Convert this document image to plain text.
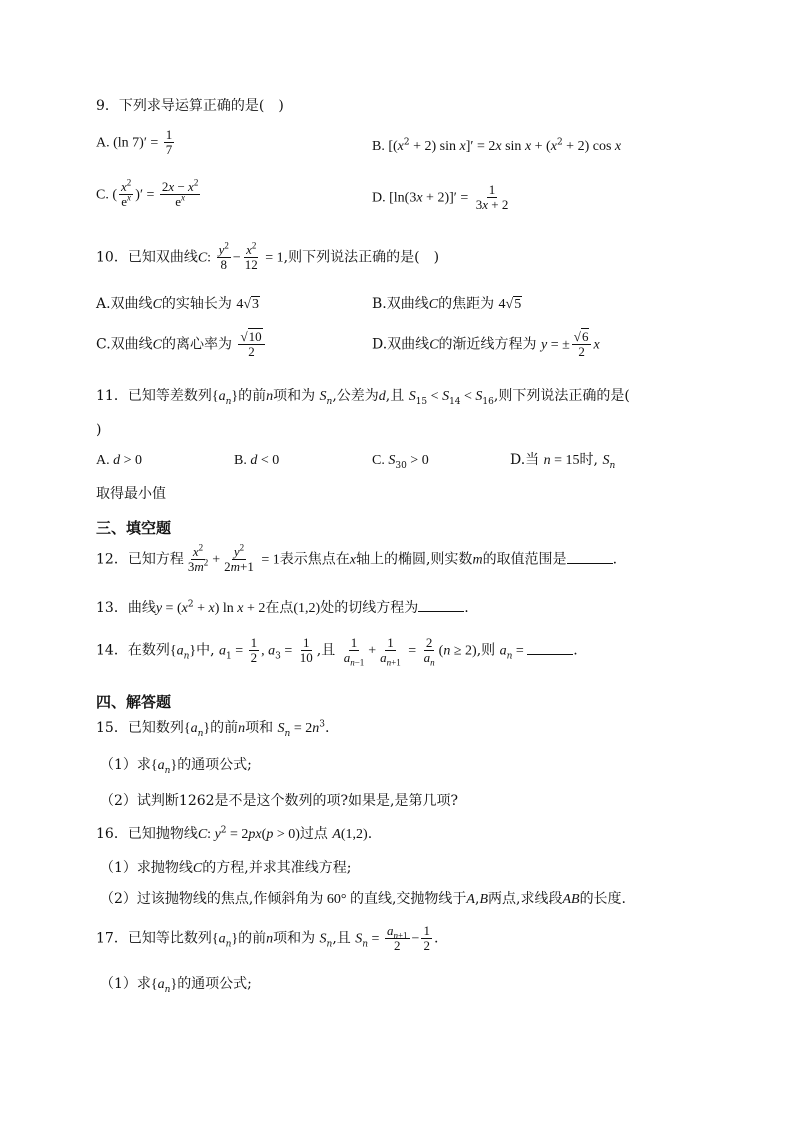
9．下列求导运算正确的是(　)
A. (ln $7)' = \frac{1}{7}$	B. [$(x^2 + 2)$ sin x]′ = 2x $\sin x + (x^2 + 2)$ cos x
C. ( $\frac{x^2}{e^x}$ )′ = $\frac{2x - x^2}{e^x}$	D. $[\ln(3x + 2)]' = \frac{1}{3x + 2}$
10．已知双曲线C: $\frac{y^2}{8} - \frac{x^2}{12} = 1$,则下列说法正确的是(　)
A.双曲线C的实轴长为 4√3	B.双曲线C的焦距为 4√5
C.双曲线C的离心率为 $\frac{√10}{2}$	D.双曲线C的渐近线方程为 y = ± $\frac{√6}{2}$ x
11．已知等差数列$\{a_n\}$的前n项和为 $S_n$,公差为d,且 $S_{15} < S_{14} < S_{16}$,则下列说法正确的是(
)
A. d > 0	B. d < 0	C. $S_{30} > 0$	D.当 n = 15时, $S_n$
取得最小值
三、填空题
12．已知方程 $\frac{x^2}{3m^2} + \frac{y^2}{2m+1} = 1$表示焦点在x轴上的椭圆,则实数m的取值范围是	.
13．曲线$y = (x^2 + x)$ ln x + 2在点(1,2)处的切线方程为	.
14．在数列$\{a_n\}$中, $a_1 = \frac{1}{2}$ , $a_3 = \frac{1}{10}$ ,且 $\frac{1}{a_{n-1}} + \frac{1}{a_{n+1}} = \frac{2}{a_n} (n \ge 2)$,则 $a_n$ =	.
四、解答题
15．已知数列$\{a_n\}$的前n项和 $S_n = 2n^3$.
（1）求$\{a_n\}$的通项公式;
（2）试判断1262是不是这个数列的项?如果是,是第几项?
16．已知抛物线C: $y^2 = 2px(p > 0)$过点 A(1,2).
（1）求抛物线C的方程,并求其准线方程;
（2）过该抛物线的焦点,作倾斜角为 60° 的直线,交抛物线于A,B两点,求线段AB的长度.
17．已知等比数列$\{a_n\}$的前n项和为 $S_n$,且 $S_n = \frac{a_{n+1}}{2} - \frac{1}{2}$ .
（1）求$\{a_n\}$的通项公式;
